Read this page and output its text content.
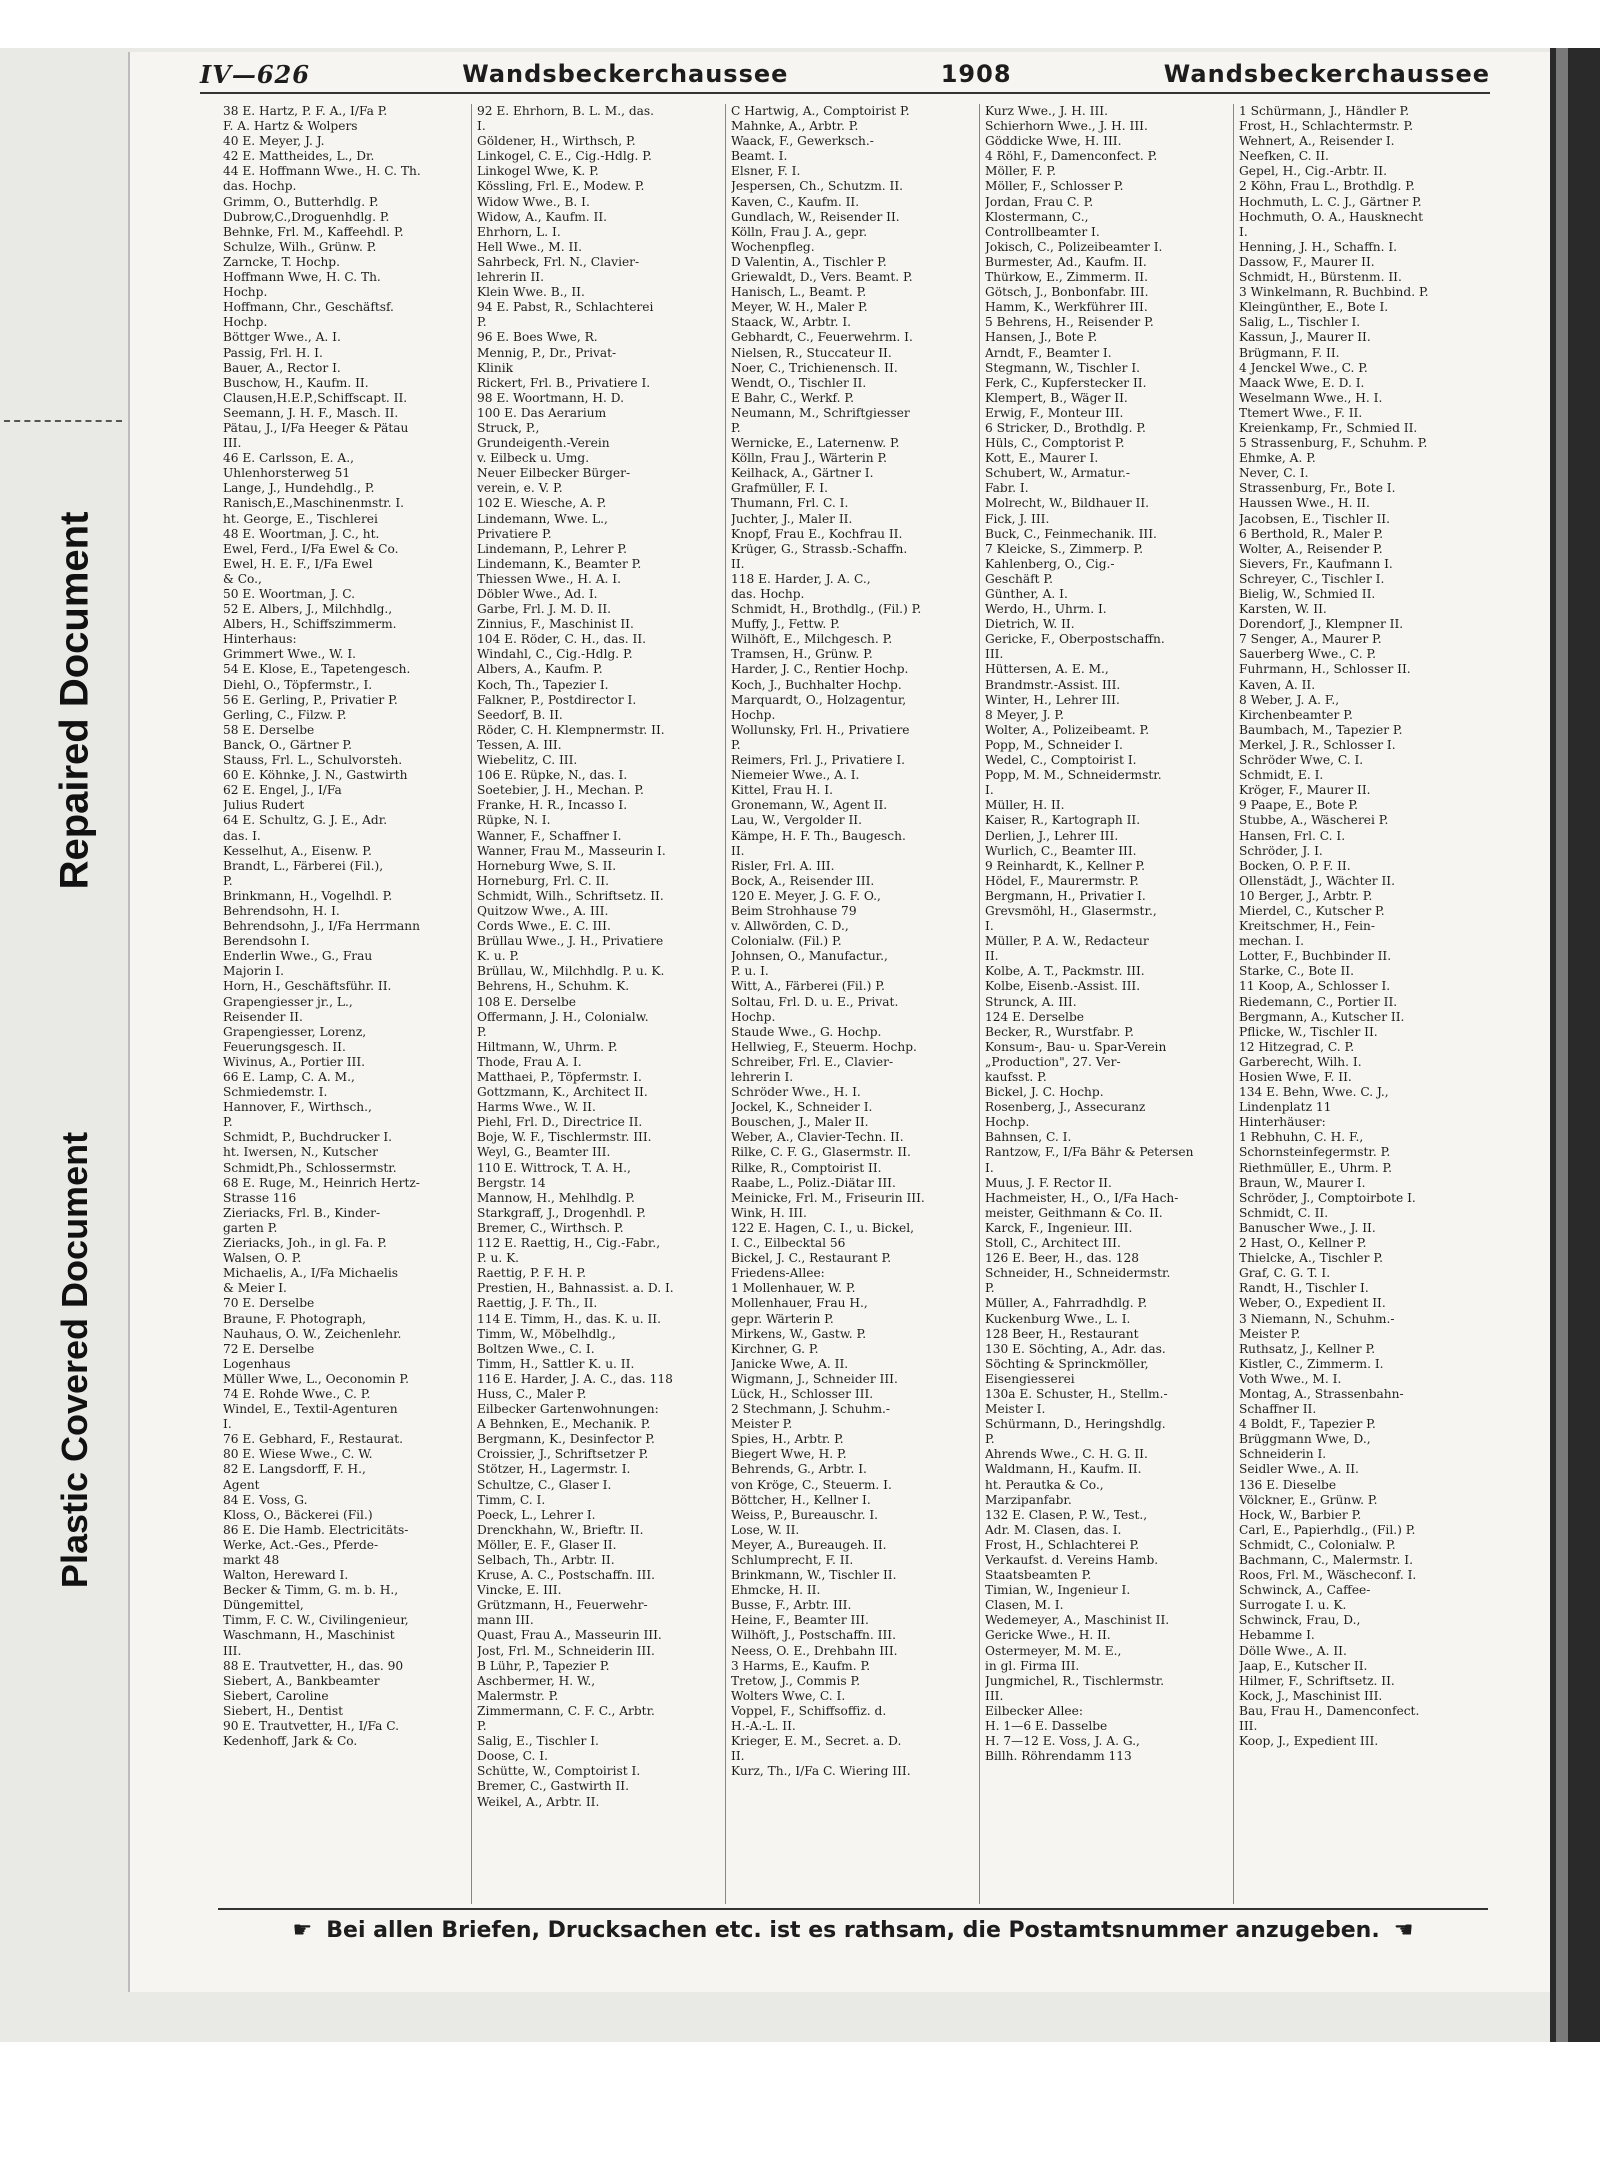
Repaired Document
Plastic Covered Document
IV—626	Wandsbeckerchaussee	1908	Wandsbeckerchaussee
38 E. Hartz, P. F. A., I/Fa P.
F. A. Hartz & Wolpers
40 E. Meyer, J. J.
42 E. Mattheides, L., Dr.
44 E. Hoffmann Wwe., H. C. Th.
das. Hochp.
Grimm, O., Butterhdlg. P.
Dubrow,C.,Droguenhdlg. P.
Behnke, Frl. M., Kaffeehdl. P.
Schulze, Wilh., Grünw. P.
Zarncke, T. Hochp.
Hoffmann Wwe, H. C. Th.
Hochp.
Hoffmann, Chr., Geschäftsf.
Hochp.
Böttger Wwe., A. I.
Passig, Frl. H. I.
Bauer, A., Rector I.
Buschow, H., Kaufm. II.
Clausen,H.E.P.,Schiffscapt. II.
Seemann, J. H. F., Masch. II.
Pätau, J., I/Fa Heeger & Pätau
III.
46 E. Carlsson, E. A.,
Uhlenhorsterweg 51
Lange, J., Hundehdlg., P.
Ranisch,E.,Maschinenmstr. I.
ht. George, E., Tischlerei
48 E. Woortman, J. C., ht.
Ewel, Ferd., I/Fa Ewel & Co.
Ewel, H. E. F., I/Fa Ewel
& Co.,
50 E. Woortman, J. C.
52 E. Albers, J., Milchhdlg.,
Albers, H., Schiffszimmerm.
Hinterhaus:
Grimmert Wwe., W. I.
54 E. Klose, E., Tapetengesch.
Diehl, O., Töpfermstr., I.
56 E. Gerling, P., Privatier P.
Gerling, C., Filzw. P.
58 E. Derselbe
Banck, O., Gärtner P.
Stauss, Frl. L., Schulvorsteh.
60 E. Köhnke, J. N., Gastwirth
62 E. Engel, J., I/Fa
Julius Rudert
64 E. Schultz, G. J. E., Adr.
das. I.
Kesselhut, A., Eisenw. P.
Brandt, L., Färberei (Fil.),
P.
Brinkmann, H., Vogelhdl. P.
Behrendsohn, H. I.
Behrendsohn, J., I/Fa Herrmann
Berendsohn I.
Enderlin Wwe., G., Frau
Majorin I.
Horn, H., Geschäftsführ. II.
Grapengiesser jr., L.,
Reisender II.
Grapengiesser, Lorenz,
Feuerungsgesch. II.
Wivinus, A., Portier III.
66 E. Lamp, C. A. M.,
Schmiedemstr. I.
Hannover, F., Wirthsch.,
P.
Schmidt, P., Buchdrucker I.
ht. Iwersen, N., Kutscher
Schmidt,Ph., Schlossermstr.
68 E. Ruge, M., Heinrich Hertz-
Strasse 116
Zieriacks, Frl. B., Kinder-
garten P.
Zieriacks, Joh., in gl. Fa. P.
Walsen, O. P.
Michaelis, A., I/Fa Michaelis
& Meier I.
70 E. Derselbe
Braune, F. Photograph,
Nauhaus, O. W., Zeichenlehr.
72 E. Derselbe
Logenhaus
Müller Wwe, L., Oeconomin P.
74 E. Rohde Wwe., C. P.
Windel, E., Textil-Agenturen
I.
76 E. Gebhard, F., Restaurat.
80 E. Wiese Wwe., C. W.
82 E. Langsdorff, F. H.,
Agent
84 E. Voss, G.
Kloss, O., Bäckerei (Fil.)
86 E. Die Hamb. Electricitäts-
Werke, Act.-Ges., Pferde-
markt 48
Walton, Hereward I.
Becker & Timm, G. m. b. H.,
Düngemittel,
Timm, F. C. W., Civilingenieur,
Waschmann, H., Maschinist
III.
88 E. Trautvetter, H., das. 90
Siebert, A., Bankbeamter
Siebert, Caroline
Siebert, H., Dentist
90 E. Trautvetter, H., I/Fa C.
Kedenhoff, Jark & Co.
92 E. Ehrhorn, B. L. M., das.
I.
Göldener, H., Wirthsch, P.
Linkogel, C. E., Cig.-Hdlg. P.
Linkogel Wwe, K. P.
Kössling, Frl. E., Modew. P.
Widow Wwe., B. I.
Widow, A., Kaufm. II.
Ehrhorn, L. I.
Hell Wwe., M. II.
Sahrbeck, Frl. N., Clavier-
lehrerin II.
Klein Wwe. B., II.
94 E. Pabst, R., Schlachterei
P.
96 E. Boes Wwe, R.
Mennig, P., Dr., Privat-
Klinik
Rickert, Frl. B., Privatiere I.
98 E. Woortmann, H. D.
100 E. Das Aerarium
Struck, P.,
Grundeigenth.-Verein
v. Eilbeck u. Umg.
Neuer Eilbecker Bürger-
verein, e. V. P.
102 E. Wiesche, A. P.
Lindemann, Wwe. L.,
Privatiere P.
Lindemann, P., Lehrer P.
Lindemann, K., Beamter P.
Thiessen Wwe., H. A. I.
Döbler Wwe., Ad. I.
Garbe, Frl. J. M. D. II.
Zinnius, F., Maschinist II.
104 E. Röder, C. H., das. II.
Windahl, C., Cig.-Hdlg. P.
Albers, A., Kaufm. P.
Koch, Th., Tapezier I.
Falkner, P., Postdirector I.
Seedorf, B. II.
Röder, C. H. Klempnermstr. II.
Tessen, A. III.
Wiebelitz, C. III.
106 E. Rüpke, N., das. I.
Soetebier, J. H., Mechan. P.
Franke, H. R., Incasso I.
Rüpke, N. I.
Wanner, F., Schaffner I.
Wanner, Frau M., Masseurin I.
Horneburg Wwe, S. II.
Horneburg, Frl. C. II.
Schmidt, Wilh., Schriftsetz. II.
Quitzow Wwe., A. III.
Cords Wwe., E. C. III.
Brüllau Wwe., J. H., Privatiere
K. u. P.
Brüllau, W., Milchhdlg. P. u. K.
Behrens, H., Schuhm. K.
108 E. Derselbe
Offermann, J. H., Colonialw.
P.
Hiltmann, W., Uhrm. P.
Thode, Frau A. I.
Matthaei, P., Töpfermstr. I.
Gottzmann, K., Architect II.
Harms Wwe., W. II.
Piehl, Frl. D., Directrice II.
Boje, W. F., Tischlermstr. III.
Weyl, G., Beamter III.
110 E. Wittrock, T. A. H.,
Bergstr. 14
Mannow, H., Mehlhdlg. P.
Starkgraff, J., Drogenhdl. P.
Bremer, C., Wirthsch. P.
112 E. Raettig, H., Cig.-Fabr.,
P. u. K.
Raettig, P. F. H. P.
Prestien, H., Bahnassist. a. D. I.
Raettig, J. F. Th., II.
114 E. Timm, H., das. K. u. II.
Timm, W., Möbelhdlg.,
Boltzen Wwe., C. I.
Timm, H., Sattler K. u. II.
116 E. Harder, J. A. C., das. 118
Huss, C., Maler P.
Eilbecker Gartenwohnungen:
A Behnken, E., Mechanik. P.
Bergmann, K., Desinfector P.
Croissier, J., Schriftsetzer P.
Stötzer, H., Lagermstr. I.
Schultze, C., Glaser I.
Timm, C. I.
Poeck, L., Lehrer I.
Drenckhahn, W., Brieftr. II.
Möller, E. F., Glaser II.
Selbach, Th., Arbtr. II.
Kruse, A. C., Postschaffn. III.
Vincke, E. III.
Grützmann, H., Feuerwehr-
mann III.
Quast, Frau A., Masseurin III.
Jost, Frl. M., Schneiderin III.
B Lühr, P., Tapezier P.
Aschbermer, H. W.,
Malermstr. P.
Zimmermann, C. F. C., Arbtr.
P.
Salig, E., Tischler I.
Doose, C. I.
Schütte, W., Comptoirist I.
Bremer, C., Gastwirth II.
Weikel, A., Arbtr. II.
C Hartwig, A., Comptoirist P.
Mahnke, A., Arbtr. P.
Waack, F., Gewerksch.-
Beamt. I.
Elsner, F. I.
Jespersen, Ch., Schutzm. II.
Kaven, C., Kaufm. II.
Gundlach, W., Reisender II.
Kölln, Frau J. A., gepr.
Wochenpfleg.
D Valentin, A., Tischler P.
Griewaldt, D., Vers. Beamt. P.
Hanisch, L., Beamt. P.
Meyer, W. H., Maler P.
Staack, W., Arbtr. I.
Gebhardt, C., Feuerwehrm. I.
Nielsen, R., Stuccateur II.
Noer, C., Trichienensch. II.
Wendt, O., Tischler II.
E Bahr, C., Werkf. P.
Neumann, M., Schriftgiesser
P.
Wernicke, E., Laternenw. P.
Kölln, Frau J., Wärterin P.
Keilhack, A., Gärtner I.
Grafmüller, F. I.
Thumann, Frl. C. I.
Juchter, J., Maler II.
Knopf, Frau E., Kochfrau II.
Krüger, G., Strassb.-Schaffn.
II.
118 E. Harder, J. A. C.,
das. Hochp.
Schmidt, H., Brothdlg., (Fil.) P.
Muffy, J., Fettw. P.
Wilhöft, E., Milchgesch. P.
Tramsen, H., Grünw. P.
Harder, J. C., Rentier Hochp.
Koch, J., Buchhalter Hochp.
Marquardt, O., Holzagentur,
Hochp.
Wollunsky, Frl. H., Privatiere
P.
Reimers, Frl. J., Privatiere I.
Niemeier Wwe., A. I.
Kittel, Frau H. I.
Gronemann, W., Agent II.
Lau, W., Vergolder II.
Kämpe, H. F. Th., Baugesch.
II.
Risler, Frl. A. III.
Bock, A., Reisender III.
120 E. Meyer, J. G. F. O.,
Beim Strohhause 79
v. Allwörden, C. D.,
Colonialw. (Fil.) P.
Johnsen, O., Manufactur.,
P. u. I.
Witt, A., Färberei (Fil.) P.
Soltau, Frl. D. u. E., Privat.
Hochp.
Staude Wwe., G. Hochp.
Hellwieg, F., Steuerm. Hochp.
Schreiber, Frl. E., Clavier-
lehrerin I.
Schröder Wwe., H. I.
Jockel, K., Schneider I.
Bouschen, J., Maler II.
Weber, A., Clavier-Techn. II.
Rilke, C. F. G., Glasermstr. II.
Rilke, R., Comptoirist II.
Raabe, L., Poliz.-Diätar III.
Meinicke, Frl. M., Friseurin III.
Wink, H. III.
122 E. Hagen, C. I., u. Bickel,
I. C., Eilbecktal 56
Bickel, J. C., Restaurant P.
Friedens-Allee:
1 Mollenhauer, W. P.
Mollenhauer, Frau H.,
gepr. Wärterin P.
Mirkens, W., Gastw. P.
Kirchner, G. P.
Janicke Wwe, A. II.
Wigmann, J., Schneider III.
Lück, H., Schlosser III.
2 Stechmann, J. Schuhm.-
Meister P.
Spies, H., Arbtr. P.
Biegert Wwe, H. P.
Behrends, G., Arbtr. I.
von Kröge, C., Steuerm. I.
Böttcher, H., Kellner I.
Weiss, P., Bureauschr. I.
Lose, W. II.
Meyer, A., Bureaugeh. II.
Schlumprecht, F. II.
Brinkmann, W., Tischler II.
Ehmcke, H. II.
Busse, F., Arbtr. III.
Heine, F., Beamter III.
Wilhöft, J., Postschaffn. III.
Neess, O. E., Drehbahn III.
3 Harms, E., Kaufm. P.
Tretow, J., Commis P.
Wolters Wwe, C. I.
Voppel, F., Schiffsoffiz. d.
H.-A.-L. II.
Krieger, E. M., Secret. a. D.
II.
Kurz, Th., I/Fa C. Wiering III.
Kurz Wwe., J. H. III.
Schierhorn Wwe., J. H. III.
Göddicke Wwe, H. III.
4 Röhl, F., Damenconfect. P.
Möller, F. P.
Möller, F., Schlosser P.
Jordan, Frau C. P.
Klostermann, C.,
Controllbeamter I.
Jokisch, C., Polizeibeamter I.
Burmester, Ad., Kaufm. II.
Thürkow, E., Zimmerm. II.
Götsch, J., Bonbonfabr. III.
Hamm, K., Werkführer III.
5 Behrens, H., Reisender P.
Hansen, J., Bote P.
Arndt, F., Beamter I.
Stegmann, W., Tischler I.
Ferk, C., Kupferstecker II.
Klempert, B., Wäger II.
Erwig, F., Monteur III.
6 Stricker, D., Brothdlg. P.
Hüls, C., Comptorist P.
Kott, E., Maurer I.
Schubert, W., Armatur.-
Fabr. I.
Molrecht, W., Bildhauer II.
Fick, J. III.
Buck, C., Feinmechanik. III.
7 Kleicke, S., Zimmerp. P.
Kahlenberg, O., Cig.-
Geschäft P.
Günther, A. I.
Werdo, H., Uhrm. I.
Dietrich, W. II.
Gericke, F., Oberpostschaffn.
III.
Hüttersen, A. E. M.,
Brandmstr.-Assist. III.
Winter, H., Lehrer III.
8 Meyer, J. P.
Wolter, A., Polizeibeamt. P.
Popp, M., Schneider I.
Wedel, C., Comptoirist I.
Popp, M. M., Schneidermstr.
I.
Müller, H. II.
Kaiser, R., Kartograph II.
Derlien, J., Lehrer III.
Wurlich, C., Beamter III.
9 Reinhardt, K., Kellner P.
Hödel, F., Maurermstr. P.
Bergmann, H., Privatier I.
Grevsmöhl, H., Glasermstr.,
I.
Müller, P. A. W., Redacteur
II.
Kolbe, A. T., Packmstr. III.
Kolbe, Eisenb.-Assist. III.
Strunck, A. III.
124 E. Derselbe
Becker, R., Wurstfabr. P.
Konsum-, Bau- u. Spar-Verein
„Production", 27. Ver-
kaufsst. P.
Bickel, J. C. Hochp.
Rosenberg, J., Assecuranz
Hochp.
Bahnsen, C. I.
Rantzow, F., I/Fa Bähr & Petersen
I.
Muus, J. F. Rector II.
Hachmeister, H., O., I/Fa Hach-
meister, Geithmann & Co. II.
Karck, F., Ingenieur. III.
Stoll, C., Architect III.
126 E. Beer, H., das. 128
Schneider, H., Schneidermstr.
P.
Müller, A., Fahrradhdlg. P.
Kuckenburg Wwe., L. I.
128 Beer, H., Restaurant
130 E. Söchting, A., Adr. das.
Söchting & Sprinckmöller,
Eisengiesserei
130a E. Schuster, H., Stellm.-
Meister I.
Schürmann, D., Heringshdlg.
P.
Ahrends Wwe., C. H. G. II.
Waldmann, H., Kaufm. II.
ht. Perautka & Co.,
Marzipanfabr.
132 E. Clasen, P. W., Test.,
Adr. M. Clasen, das. I.
Frost, H., Schlachterei P.
Verkaufst. d. Vereins Hamb.
Staatsbeamten P.
Timian, W., Ingenieur I.
Clasen, M. I.
Wedemeyer, A., Maschinist II.
Gericke Wwe., H. II.
Ostermeyer, M. M. E.,
in gl. Firma III.
Jungmichel, R., Tischlermstr.
III.
Eilbecker Allee:
H. 1—6 E. Dasselbe
H. 7—12 E. Voss, J. A. G.,
Billh. Röhrendamm 113
1 Schürmann, J., Händler P.
Frost, H., Schlachtermstr. P.
Wehnert, A., Reisender I.
Neefken, C. II.
Gepel, H., Cig.-Arbtr. II.
2 Köhn, Frau L., Brothdlg. P.
Hochmuth, L. C. J., Gärtner P.
Hochmuth, O. A., Hausknecht
I.
Henning, J. H., Schaffn. I.
Dassow, F., Maurer II.
Schmidt, H., Bürstenm. II.
3 Winkelmann, R. Buchbind. P.
Kleingünther, E., Bote I.
Salig, L., Tischler I.
Kassun, J., Maurer II.
Brügmann, F. II.
4 Jenckel Wwe., C. P.
Maack Wwe, E. D. I.
Weselmann Wwe., H. I.
Ttemert Wwe., F. II.
Kreienkamp, Fr., Schmied II.
5 Strassenburg, F., Schuhm. P.
Ehmke, A. P.
Never, C. I.
Strassenburg, Fr., Bote I.
Haussen Wwe., H. II.
Jacobsen, E., Tischler II.
6 Berthold, R., Maler P.
Wolter, A., Reisender P.
Sievers, Fr., Kaufmann I.
Schreyer, C., Tischler I.
Bielig, W., Schmied II.
Karsten, W. II.
Dorendorf, J., Klempner II.
7 Senger, A., Maurer P.
Sauerberg Wwe., C. P.
Fuhrmann, H., Schlosser II.
Kaven, A. II.
8 Weber, J. A. F.,
Kirchenbeamter P.
Baumbach, M., Tapezier P.
Merkel, J. R., Schlosser I.
Schröder Wwe, C. I.
Schmidt, E. I.
Kröger, F., Maurer II.
9 Paape, E., Bote P.
Stubbe, A., Wäscherei P.
Hansen, Frl. C. I.
Schröder, J. I.
Bocken, O. P. F. II.
Ollenstädt, J., Wächter II.
10 Berger, J., Arbtr. P.
Mierdel, C., Kutscher P.
Kreitschmer, H., Fein-
mechan. I.
Lotter, F., Buchbinder II.
Starke, C., Bote II.
11 Koop, A., Schlosser I.
Riedemann, C., Portier II.
Bergmann, A., Kutscher II.
Pflicke, W., Tischler II.
12 Hitzegrad, C. P.
Garberecht, Wilh. I.
Hosien Wwe, F. II.
134 E. Behn, Wwe. C. J.,
Lindenplatz 11
Hinterhäuser:
1 Rebhuhn, C. H. F.,
Schornsteinfegermstr. P.
Riethmüller, E., Uhrm. P.
Braun, W., Maurer I.
Schröder, J., Comptoirbote I.
Schmidt, C. II.
Banuscher Wwe., J. II.
2 Hast, O., Kellner P.
Thielcke, A., Tischler P.
Graf, C. G. T. I.
Randt, H., Tischler I.
Weber, O., Expedient II.
3 Niemann, N., Schuhm.-
Meister P.
Ruthsatz, J., Kellner P.
Kistler, C., Zimmerm. I.
Voth Wwe., M. I.
Montag, A., Strassenbahn-
Schaffner II.
4 Boldt, F., Tapezier P.
Brüggmann Wwe, D.,
Schneiderin I.
Seidler Wwe., A. II.
136 E. Dieselbe
Völckner, E., Grünw. P.
Hock, W., Barbier P.
Carl, E., Papierhdlg., (Fil.) P.
Schmidt, C., Colonialw. P.
Bachmann, C., Malermstr. I.
Roos, Frl. M., Wäscheconf. I.
Schwinck, A., Caffee-
Surrogate I. u. K.
Schwinck, Frau, D.,
Hebamme I.
Dölle Wwe., A. II.
Jaap, E., Kutscher II.
Hilmer, F., Schriftsetz. II.
Kock, J., Maschinist III.
Bau, Frau H., Damenconfect.
III.
Koop, J., Expedient III.
☛ Bei allen Briefen, Drucksachen etc. ist es rathsam, die Postamtsnummer anzugeben. ☚
